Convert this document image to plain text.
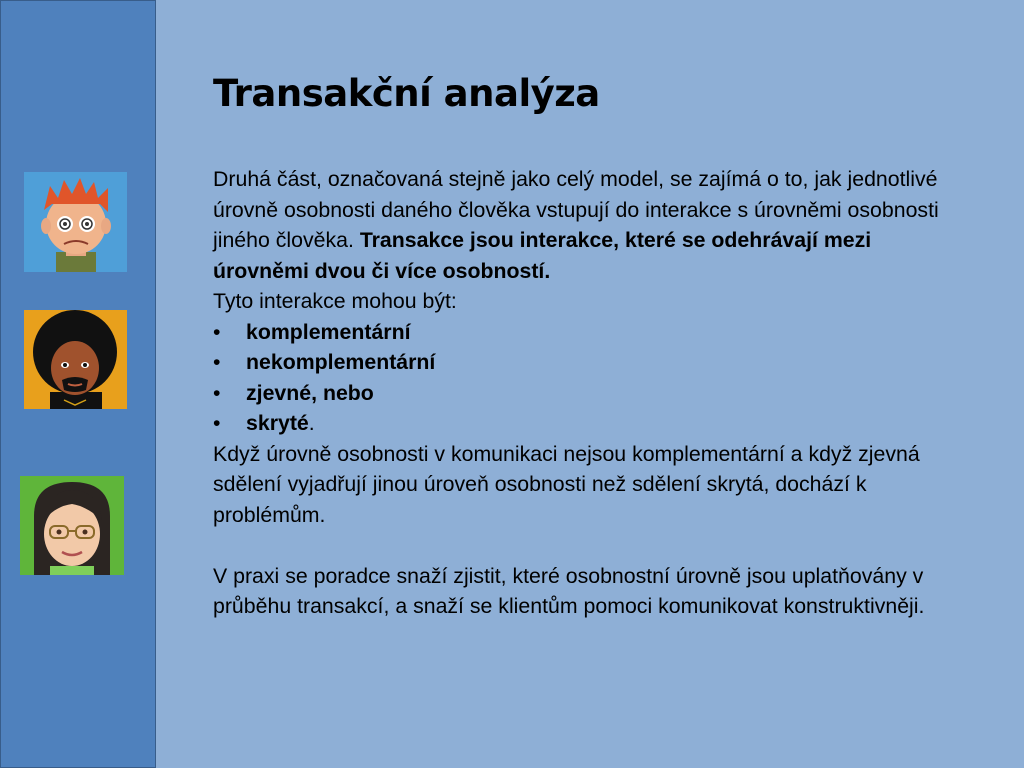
Transakční analýza

Druhá část, označovaná stejně jako celý model, se zajímá o to, jak jednotlivé úrovně osobnosti daného člověka vstupují do interakce s úrovněmi osobnosti jiného člověka. Transakce jsou interakce, které se odehrávají mezi úrovněmi dvou či více osobností.

Tyto interakce mohou být:

• komplementární
• nekomplementární
• zjevné, nebo
• skryté.

Když úrovně osobnosti v komunikaci nejsou komplementární a když zjevná sdělení vyjadřují jinou úroveň osobnosti než sdělení skrytá, dochází k problémům.

V praxi se poradce snaží zjistit, které osobnostní úrovně jsou uplatňovány v průběhu transakcí, a snaží se klientům pomoci komunikovat konstruktivněji.
